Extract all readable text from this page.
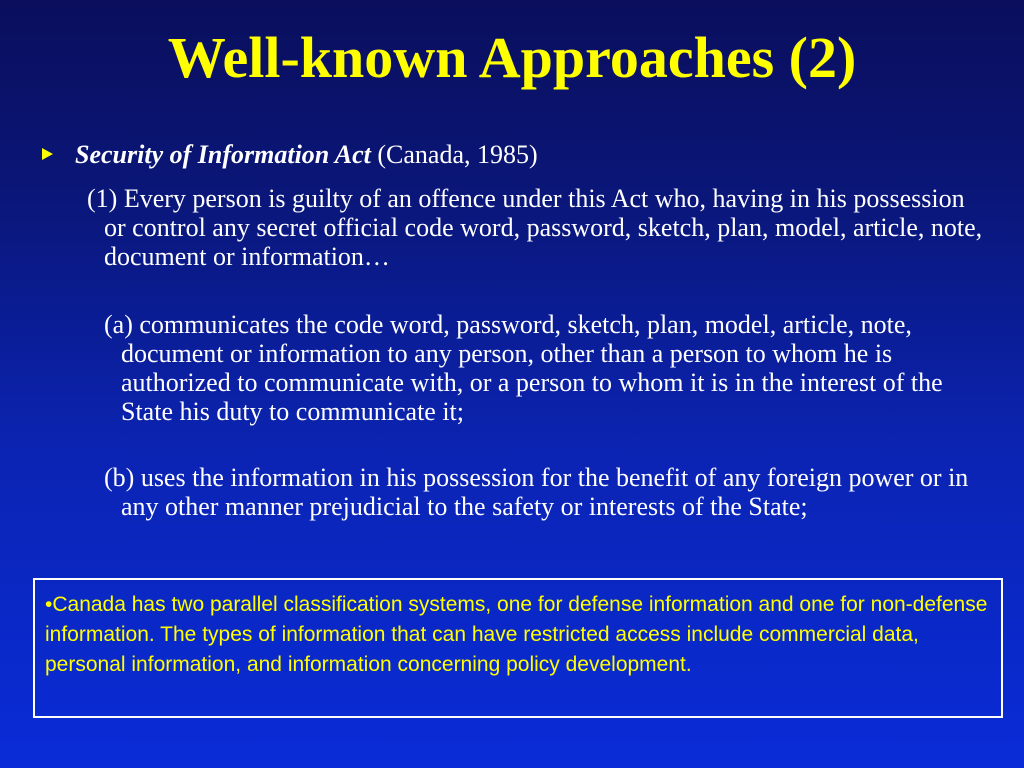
Well-known Approaches (2)
Security of Information Act (Canada, 1985)
(1) Every person is guilty of an offence under this Act who, having in his possession or control any secret official code word, password, sketch, plan, model, article, note, document or information…
(a) communicates the code word, password, sketch, plan, model, article, note, document or information to any person, other than a person to whom he is authorized to communicate with, or a person to whom it is in the interest of the State his duty to communicate it;
(b) uses the information in his possession for the benefit of any foreign power or in any other manner prejudicial to the safety or interests of the State;
•Canada has two parallel classification systems, one for defense information and one for non-defense information. The types of information that can have restricted access include commercial data, personal information, and information concerning policy development.
